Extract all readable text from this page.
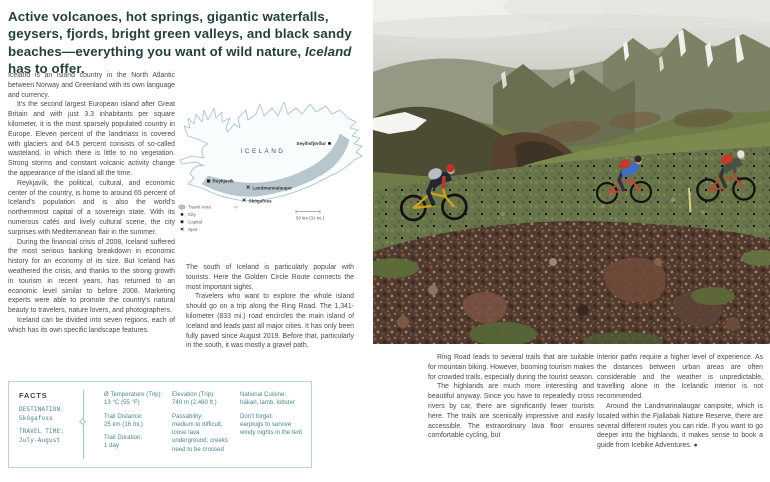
Active volcanoes, hot springs, gigantic waterfalls, geysers, fjords, bright green valleys, and black sandy beaches—everything you want of wild nature, Iceland has to offer.

Iceland is an island country in the North Atlantic between Norway and Greenland with its own language and currency.

It's the second largest European island after Great Britain and with just 3.3 inhabitants per square kilometer, it is the most sparsely populated country in Europe. Eleven percent of the landmass is covered with glaciers and 64.5 percent consists of so-called wasteland, in which there is little to no vegetation. Strong storms and constant volcanic activity change the appearance of the island all the time.

Reykjavík, the political, cultural, and economic center of the country, is home to around 65 percent of Iceland's population and is also the world's northernmost capital of a sovereign state. With its numerous cafés and lively cultural scene, the city surprises with Mediterranean flair in the summer.

During the financial crisis of 2008, Iceland suffered the most serious banking breakdown in economic history for an economy of its size. But Iceland has weathered the crisis, and thanks to the strong growth in tourism in recent years, has returned to an economic level similar to before 2008. Marketing experts were able to promote the country's natural beauty to travelers, nature lovers, and photographers.

Iceland can be divided into seven regions, each of which has its own specific landscape features.

ICELAND
Seyðisfjörður
Reykjavík
Landmannalaugar
Skógafoss
Travel Area
City
Capital
Spot
50 km (31 mi.)

The south of Iceland is particularly popular with tourists. Here the Golden Circle Route connects the most important sights.

Travelers who want to explore the whole island should go on a trip along the Ring Road. The 1,341-kilometer (833 mi.) road encircles the main island of Iceland and leads past all major cities. It has only been fully paved since August 2019. Before that, particularly in the south, it was mostly a gravel path.

FACTS
DESTINATION:
Skógafoss
TRAVEL TIME:
July-August
Ø Temperature (Trip):
13 °C (55 °F)
Trail Distance:
25 km (16 mi.)
Trail Duration:
1 day
Elevation (Trip):
740 m (2,460 ft.)
Passability:
medium to difficult, loose lava underground, creeks need to be crossed
National Cuisine:
hákarl, lamb, lobster
Don't forget:
earplugs to survive windy nights in the tent

Ring Road leads to several trails that are suitable for mountain biking. However, booming tourism makes for crowded trails, especially during the tourist season.

The highlands are much more interesting and beautiful anyway. Since you have to repeatedly cross rivers by car, there are significantly fewer tourists here. The trails are scenically impressive and easily accessible. The extraordinary lava floor ensures comfortable cycling, but

interior paths require a higher level of experience. As the distances between urban areas are often considerable and the weather is unpredictable, travelling alone in the Icelandic interior is not recommended.

Around the Landmannalaugar campsite, which is located within the Fjallabak Nature Reserve, there are several different routes you can ride. If you want to go deeper into the highlands, it makes sense to book a guide from Icebike Adventures. ●
